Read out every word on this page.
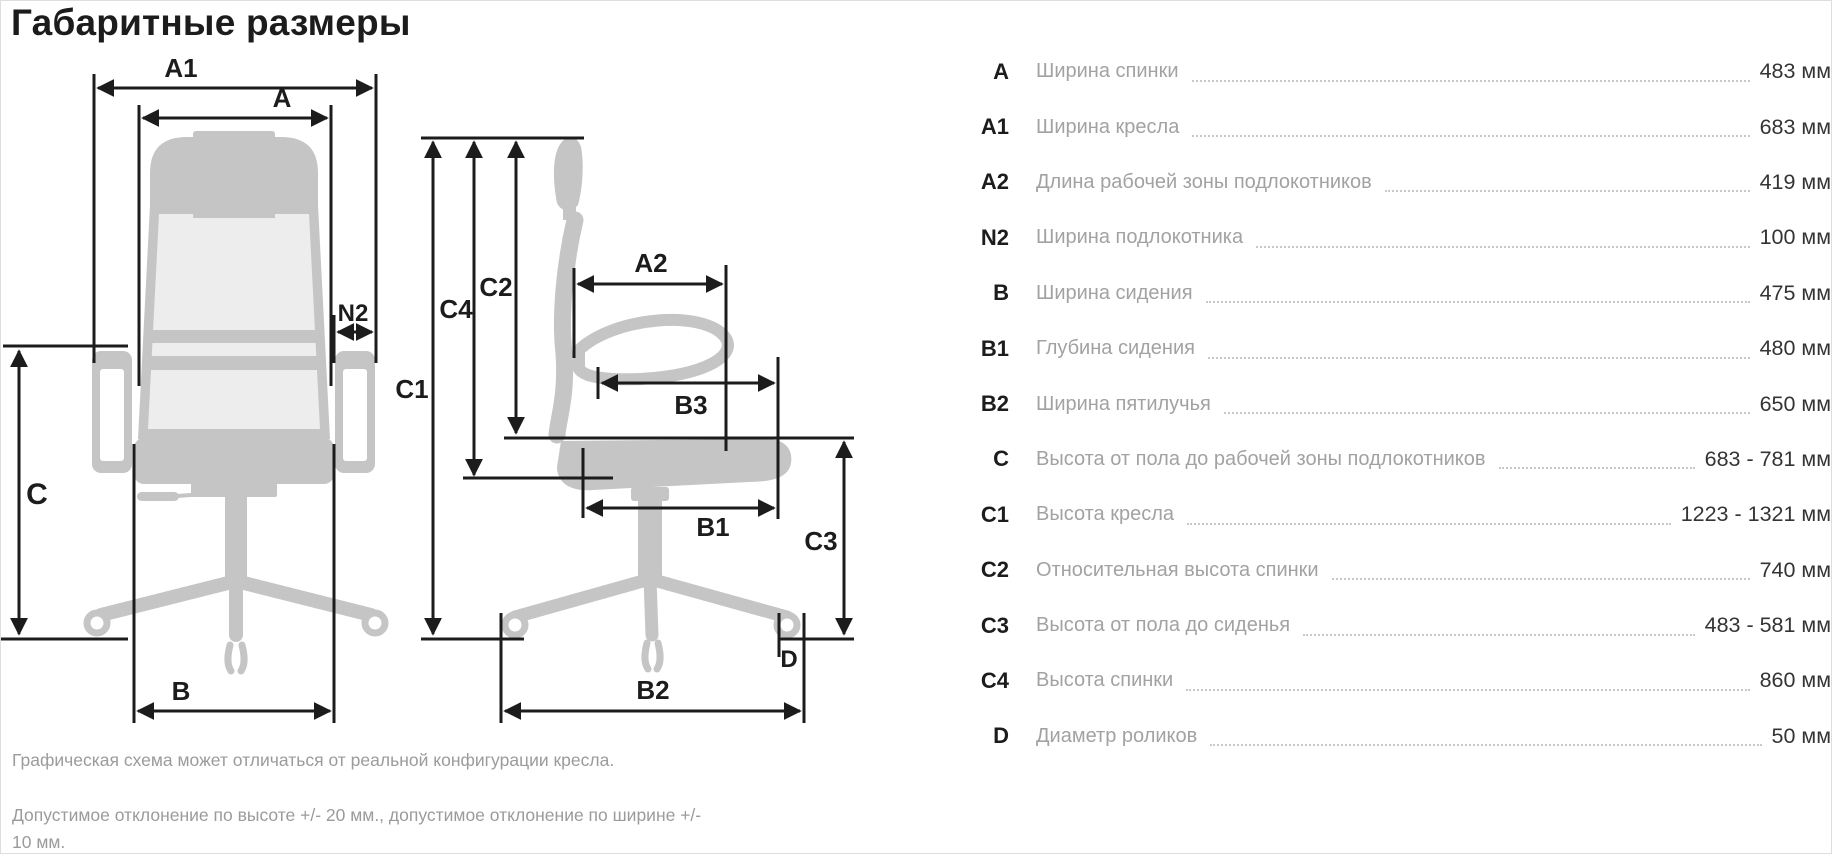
Габаритные размеры
A1
A
N2
C
B
C1
C4
C2
A2
B3
B1	C3
D
B2

Графическая схема может отличаться от реальной конфигурации кресла.

Допустимое отклонение по высоте +/- 20 мм., допустимое отклонение по ширине +/- 10 мм.

A Ширина спинки	483 мм
A1 Ширина кресла	683 мм
A2 Длина рабочей зоны подлокотников	419 мм
N2 Ширина подлокотника	100 мм
B Ширина сидения	475 мм
B1 Глубина сидения	480 мм
B2 Ширина пятилучья	650 мм
C Высота от пола до рабочей зоны подлокотников	683 - 781 мм
C1 Высота кресла	1223 - 1321 мм
C2 Относительная высота спинки	740 мм
C3 Высота от пола до сиденья	483 - 581 мм
C4 Высота спинки	860 мм
D Диаметр роликов	50 мм
